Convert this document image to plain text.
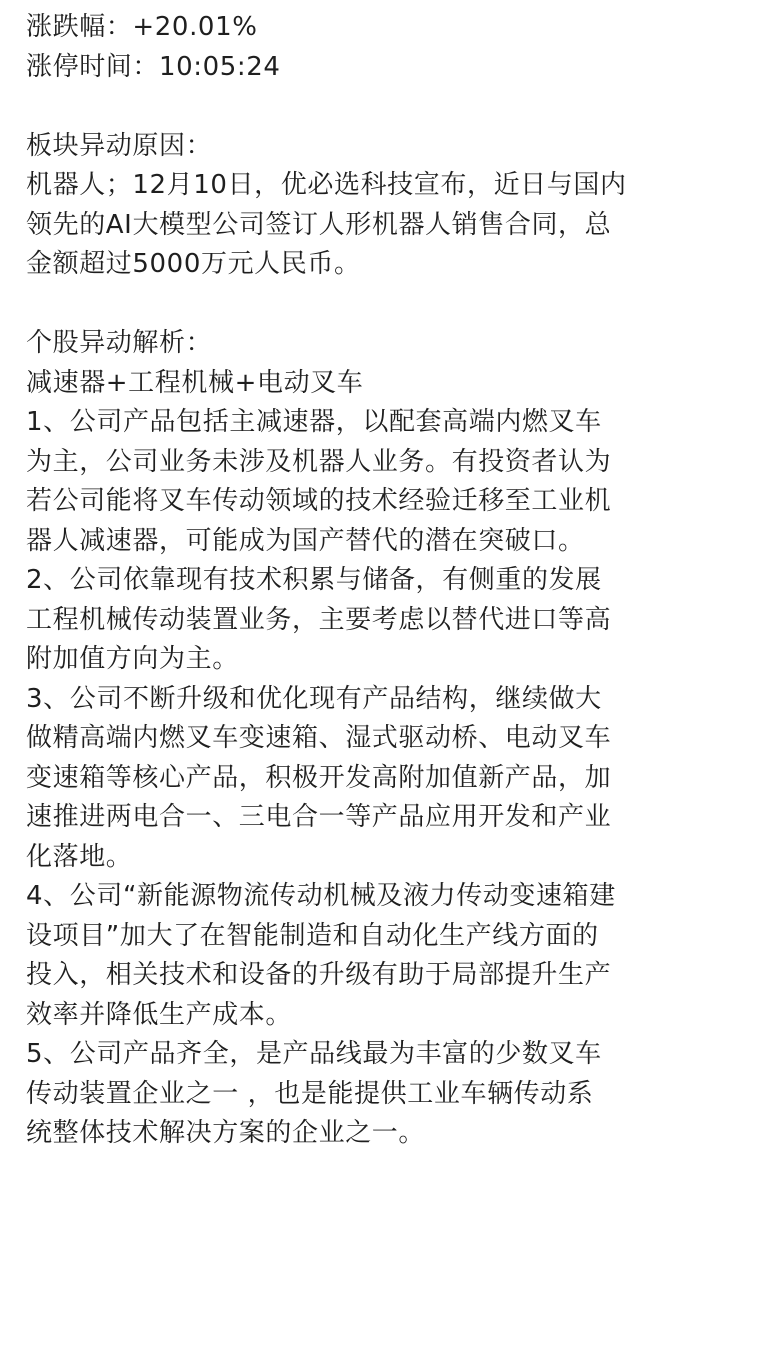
涨跌幅：+20.01%
涨停时间：10:05:24
板块异动原因：
机器人；12月10日，优必选科技宣布，近日与国内
领先的AI大模型公司签订人形机器人销售合同，总
金额超过5000万元人民币。
个股异动解析：
减速器+工程机械+电动叉车
1、公司产品包括主减速器，以配套高端内燃叉车
为主，公司业务未涉及机器人业务。有投资者认为
若公司能将叉车传动领域的技术经验迁移至工业机
器人减速器，可能成为国产替代的潜在突破口。
2、公司依靠现有技术积累与储备，有侧重的发展
工程机械传动装置业务，主要考虑以替代进口等高
附加值方向为主。
3、公司不断升级和优化现有产品结构，继续做大
做精高端内燃叉车变速箱、湿式驱动桥、电动叉车
变速箱等核心产品，积极开发高附加值新产品，加
速推进两电合一、三电合一等产品应用开发和产业
化落地。
4、公司“新能源物流传动机械及液力传动变速箱建
设项目”加大了在智能制造和自动化生产线方面的
投入，相关技术和设备的升级有助于局部提升生产
效率并降低生产成本。
5、公司产品齐全，是产品线最为丰富的少数叉车
传动装置企业之一 ，也是能提供工业车辆传动系
统整体技术解决方案的企业之一。
